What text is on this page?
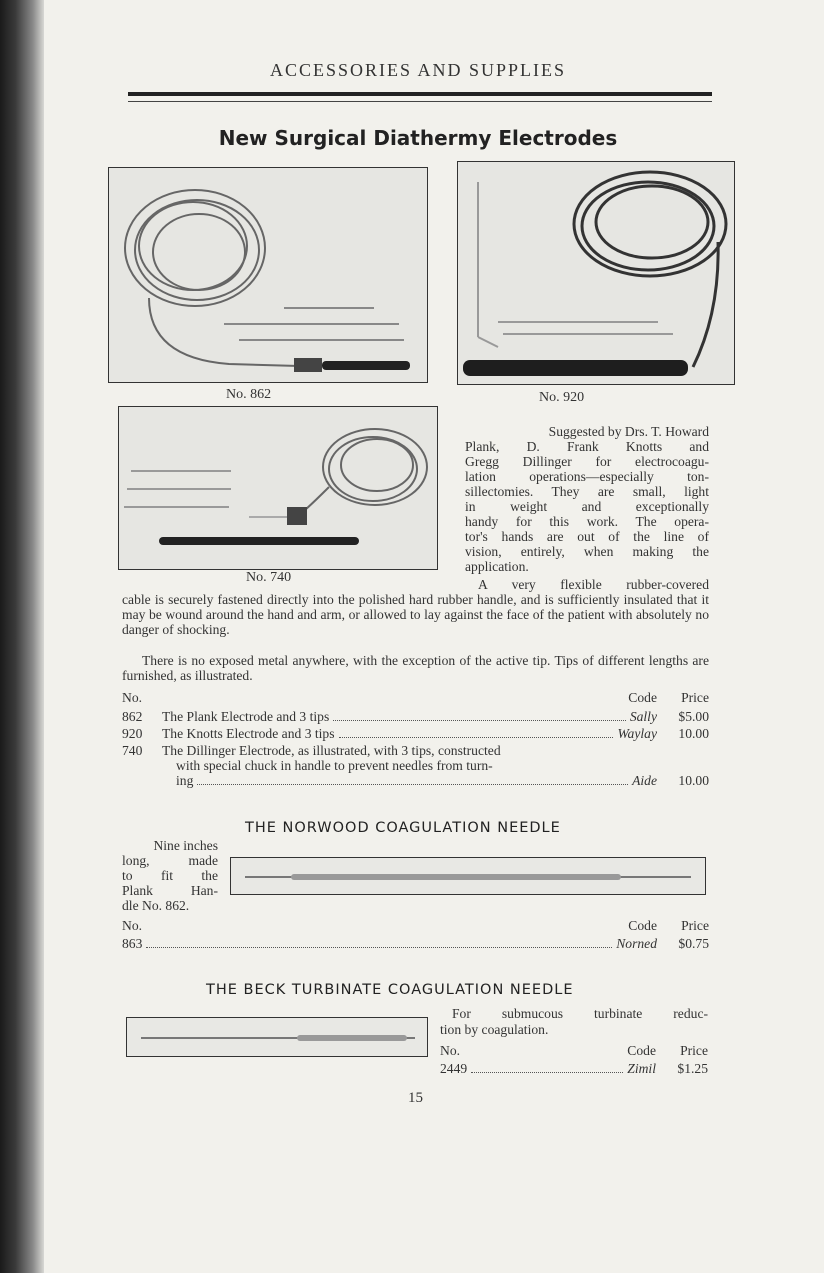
ACCESSORIES AND SUPPLIES
New Surgical Diathermy Electrodes
No. 862	No. 920
No. 740
Suggested by Drs. T. Howard
Plank, D. Frank Knotts and
Gregg Dillinger for electrocoagu-
lation operations—especially ton-
sillectomies. They are small, light
in weight and exceptionally
handy for this work. The opera-
tor's hands are out of the line of
vision, entirely, when making the
application.
A very flexible rubber-covered
cable is securely fastened directly into the polished hard rubber handle, and is sufficiently insulated that it may be wound around the hand and arm, or allowed to lay against the face of the patient with absolutely no danger of shocking.
There is no exposed metal anywhere, with the exception of the active tip. Tips of different lengths are furnished, as illustrated.
No.	Code	Price
862	The Plank Electrode and 3 tips	Sally	$5.00
920	The Knotts Electrode and 3 tips	Waylay	10.00
740	The Dillinger Electrode, as illustrated, with 3 tips, constructed
with special chuck in handle to prevent needles from turn-
ing	Aide	10.00
THE NORWOOD COAGULATION NEEDLE
Nine inches
long, made
to fit the
Plank Han-
dle No. 862.
No.	Code	Price
863	Norned	$0.75
THE BECK TURBINATE COAGULATION NEEDLE
For submucous turbinate reduc-
tion by coagulation.
No.	Code	Price
2449	Zimil	$1.25
15
